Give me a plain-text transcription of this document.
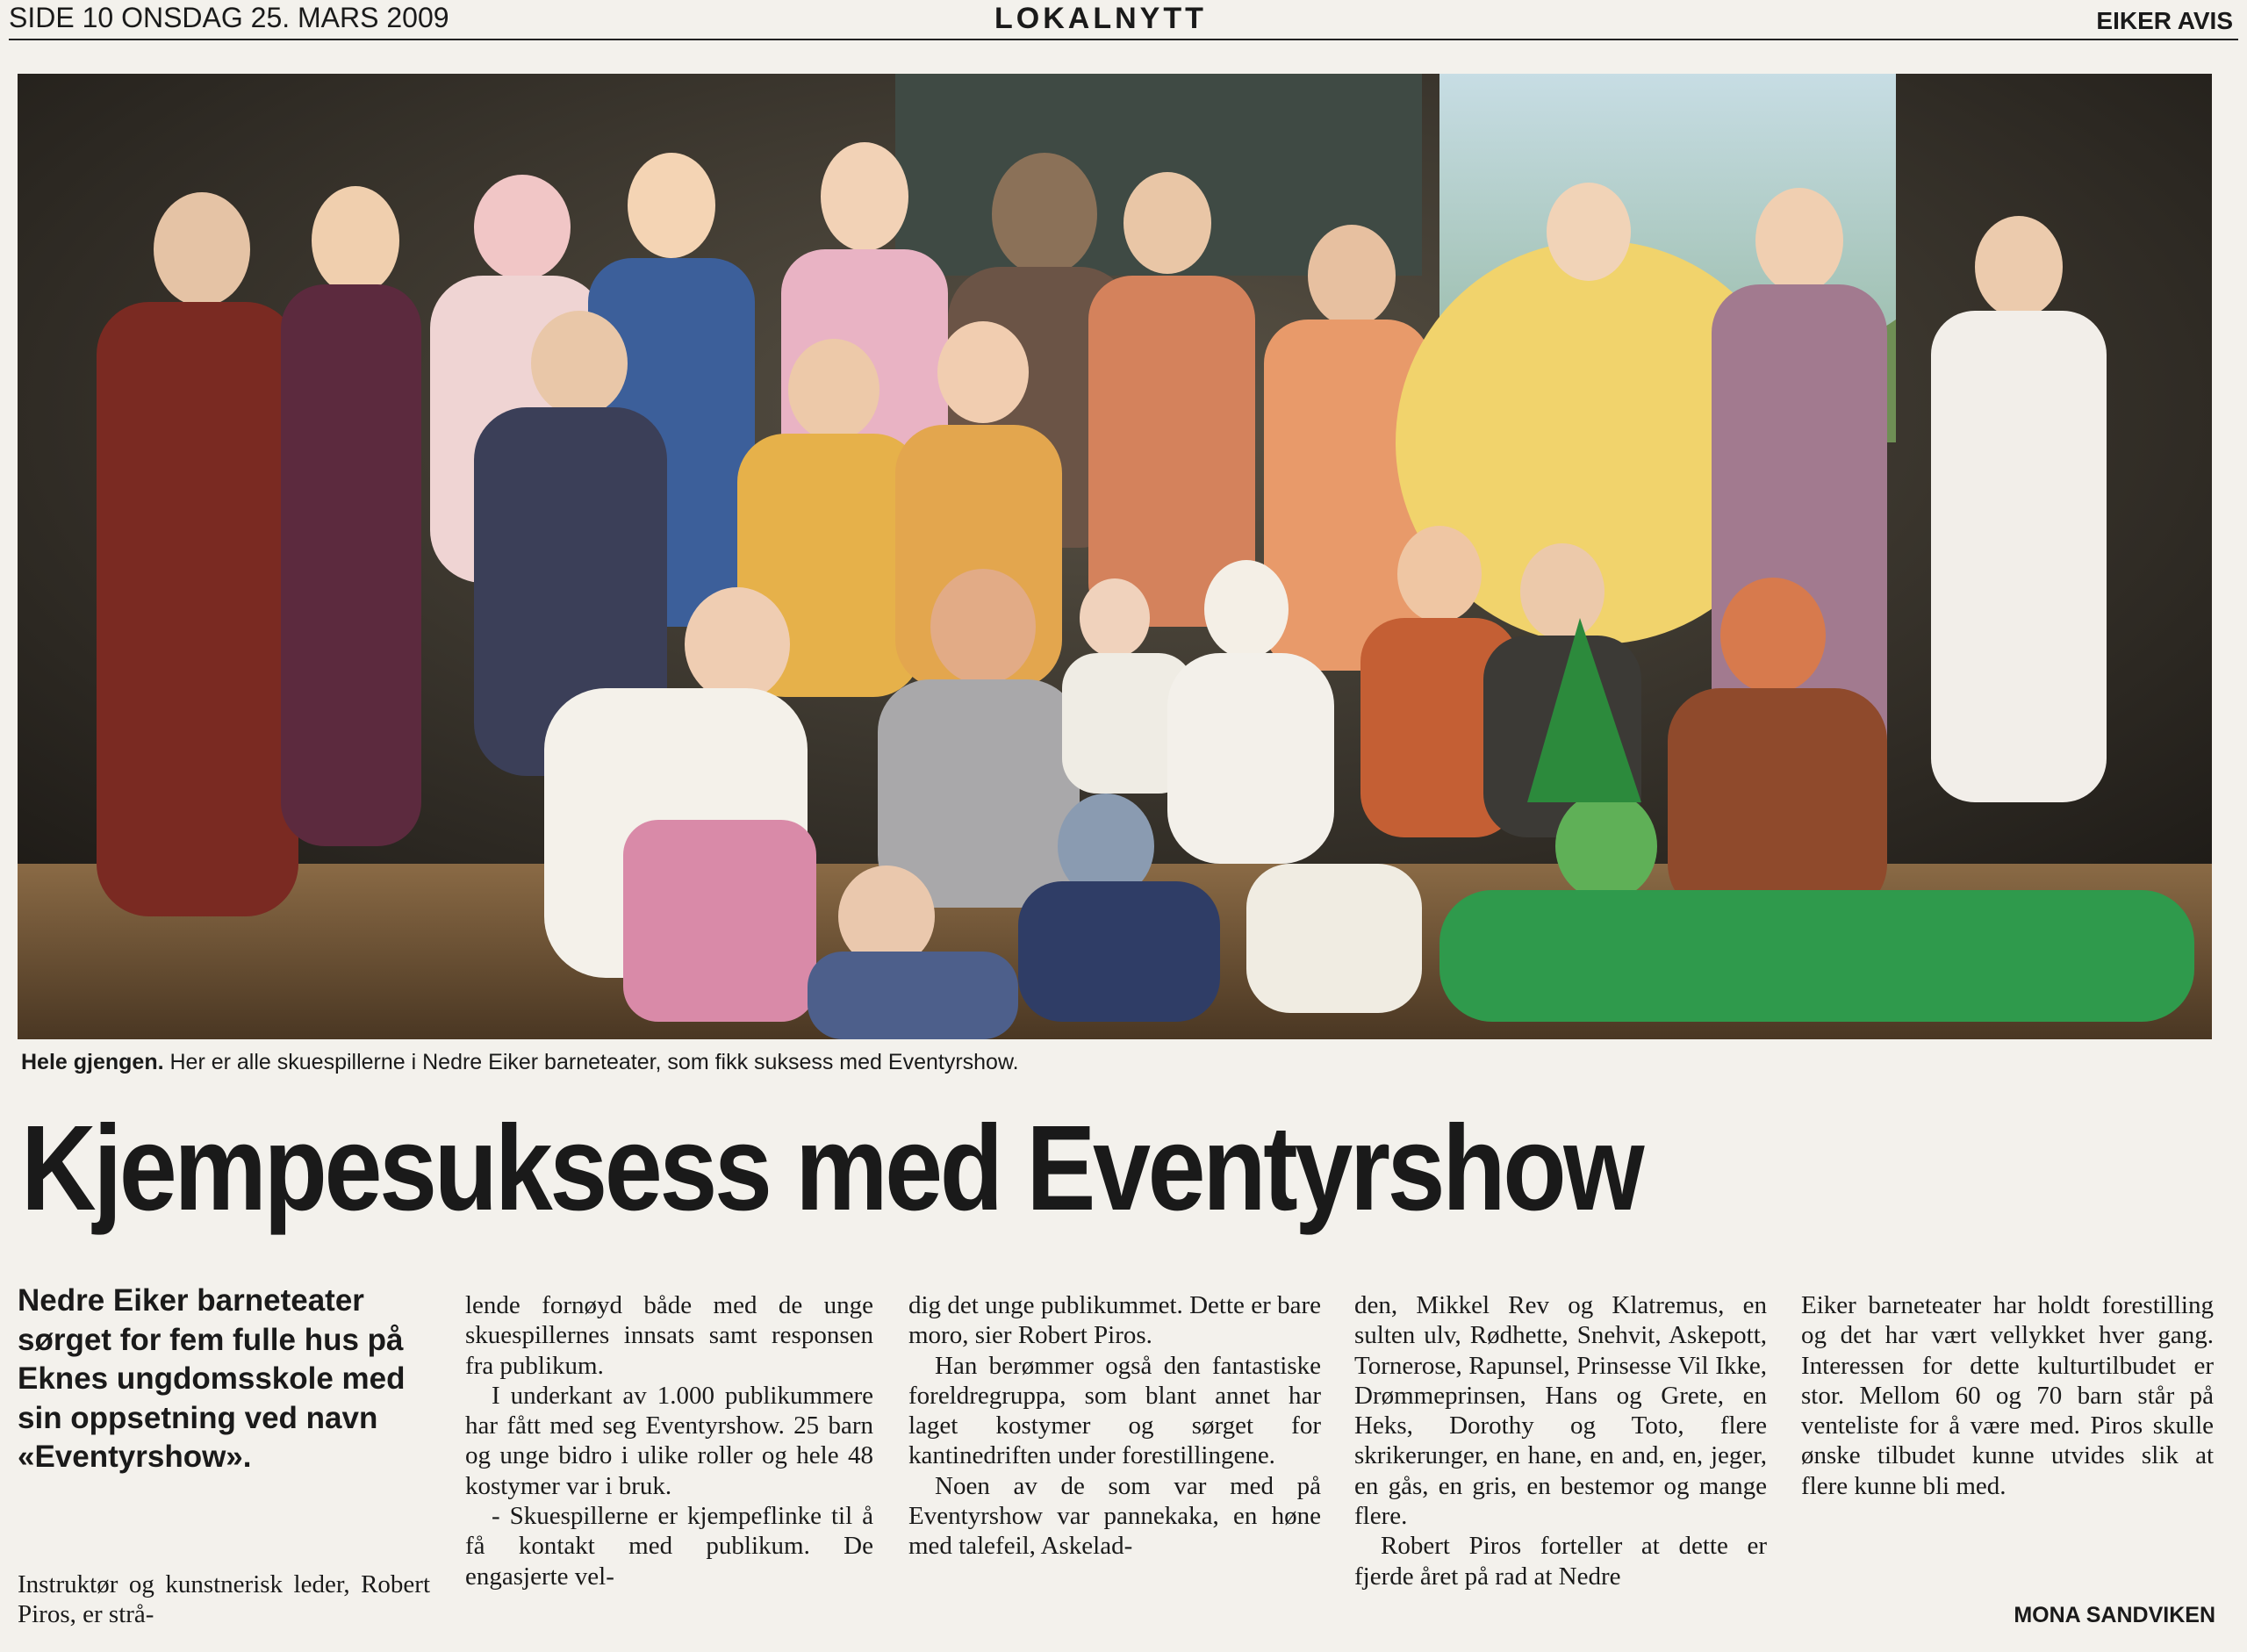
SIDE 10 ONSDAG 25. MARS 2009	LOKALNYTT	EIKER AVIS
Hele gjengen. Her er alle skuespillerne i Nedre Eiker barneteater, som fikk suksess med Eventyrshow.
Kjempesuksess med Eventyrshow
Nedre Eiker barneteater sørget for fem fulle hus på Eknes ungdomsskole med sin oppsetning ved navn «Eventyrshow».
Instruktør og kunstnerisk leder, Robert Piros, er strå-

lende fornøyd både med de unge skuespillernes innsats samt responsen fra publikum.

I underkant av 1.000 publikummere har fått med seg Eventyrshow. 25 barn og unge bidro i ulike roller og hele 48 kostymer var i bruk.

- Skuespillerne er kjempeflinke til å få kontakt med publikum. De engasjerte vel-

dig det unge publikummet. Dette er bare moro, sier Robert Piros.

Han berømmer også den fantastiske foreldregruppa, som blant annet har laget kostymer og sørget for kantinedriften under forestillingene.

Noen av de som var med på Eventyrshow var pannekaka, en høne med talefeil, Askelad-

den, Mikkel Rev og Klatremus, en sulten ulv, Rødhette, Snehvit, Askepott, Tornerose, Rapunsel, Prinsesse Vil Ikke, Drømmeprinsen, Hans og Grete, en Heks, Dorothy og Toto, flere skrikerunger, en hane, en and, en, jeger, en gås, en gris, en bestemor og mange flere.

Robert Piros forteller at dette er fjerde året på rad at Nedre

Eiker barneteater har holdt forestilling og det har vært vellykket hver gang. Interessen for dette kulturtilbudet er stor. Mellom 60 og 70 barn står på venteliste for å være med. Piros skulle ønske tilbudet kunne utvides slik at flere kunne bli med.

MONA SANDVIKEN
